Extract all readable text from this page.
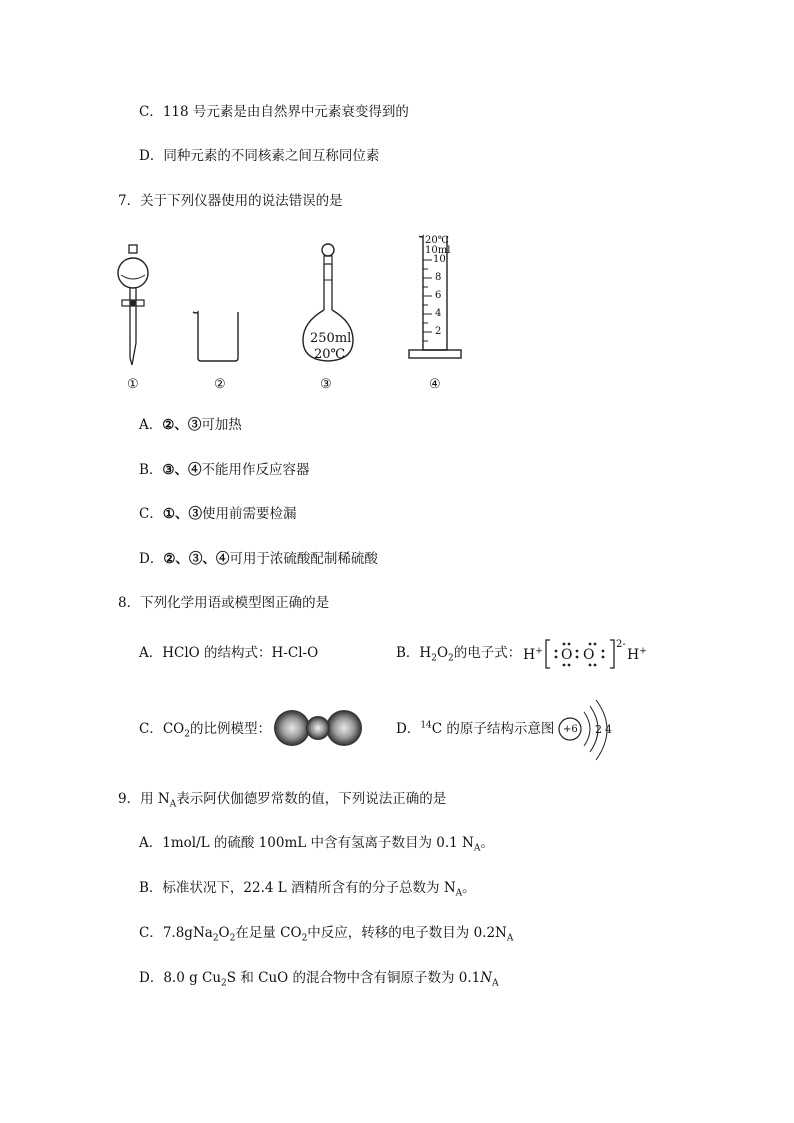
C．118 号元素是由自然界中元素衰变得到的
D．同种元素的不同核素之间互称同位素
7．关于下列仪器使用的说法错误的是
250ml
20℃
20℃
10ml
10
8
6
4
2
①	②	③	④
A．②、③可加热
B．③、④不能用作反应容器
C．①、③使用前需要检漏
D．②、③、④可用于浓硫酸配制稀硫酸
8．下列化学用语或模型图正确的是
A．HClO 的结构式：H-Cl-O	B．$H_2O_2$的电子式： H+ O O
2-
H+
C．$CO_2$的比例模型：	D．$^{14}$C 的原子结构示意图 +6 2 4
9．用 $N_A$表示阿伏伽德罗常数的值，下列说法正确的是
A．1mol/L 的硫酸 100mL 中含有氢离子数目为 0.1 $N_A$。
B．标准状况下，22.4 L 酒精所含有的分子总数为 $N_A$。
C．$7.8gNa_2O_2$在足量 $CO_2$中反应，转移的电子数目为 $0.2N_A$
D．8.0 g $Cu_2S$ 和 CuO 的混合物中含有铜原子数为 $0.1N_A$
